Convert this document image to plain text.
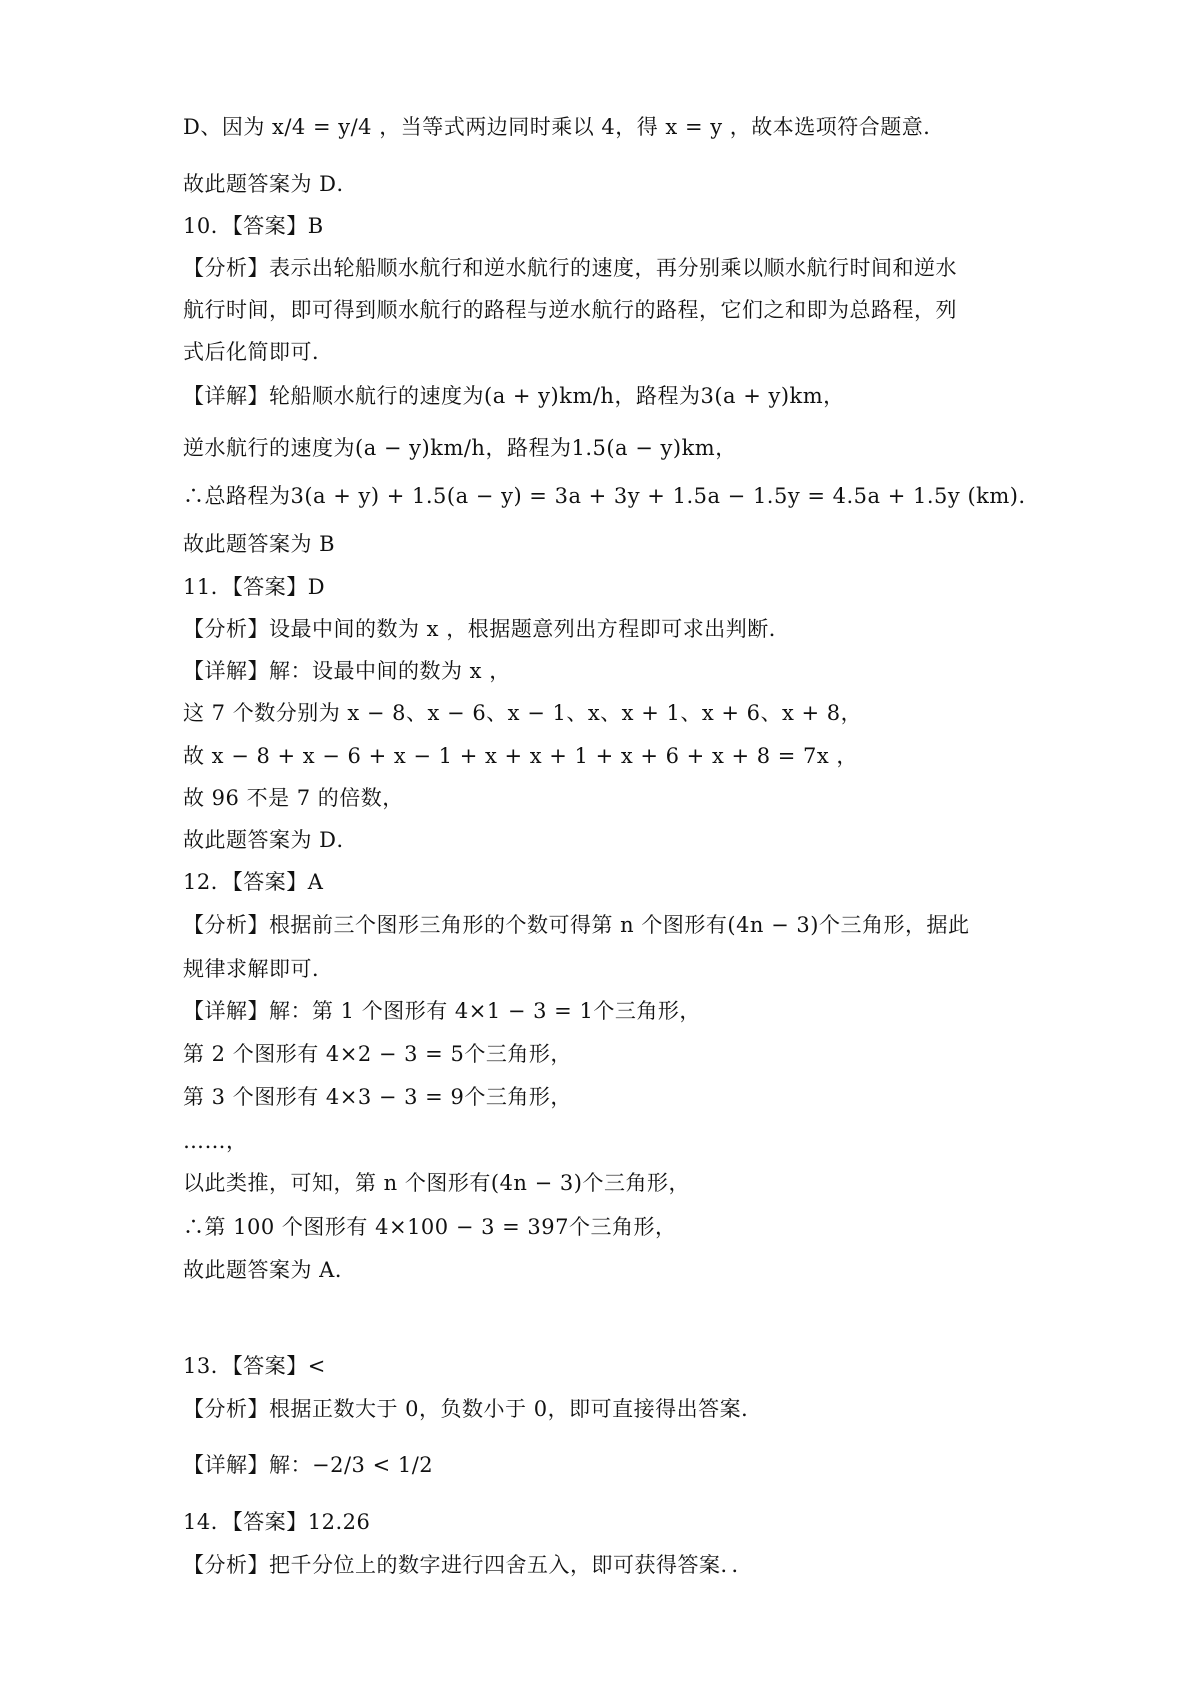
D、因为 x/4 = y/4 ，当等式两边同时乘以 4，得 x = y ，故本选项符合题意．
故此题答案为 D．
10．【答案】B
【分析】表示出轮船顺水航行和逆水航行的速度，再分别乘以顺水航行时间和逆水
航行时间，即可得到顺水航行的路程与逆水航行的路程，它们之和即为总路程，列
式后化简即可．
【详解】轮船顺水航行的速度为(a + y)km/h，路程为3(a + y)km，
逆水航行的速度为(a − y)km/h，路程为1.5(a − y)km，
∴总路程为3(a + y) + 1.5(a − y) = 3a + 3y + 1.5a − 1.5y = 4.5a + 1.5y (km)．
故此题答案为 B
11．【答案】D
【分析】设最中间的数为 x ，根据题意列出方程即可求出判断．
【详解】解：设最中间的数为 x ，
这 7 个数分别为 x − 8、x − 6、x − 1、x、x + 1、x + 6、x + 8，
故 x − 8 + x − 6 + x − 1 + x + x + 1 + x + 6 + x + 8 = 7x ，
故 96 不是 7 的倍数，
故此题答案为 D．
12．【答案】A
【分析】根据前三个图形三角形的个数可得第 n 个图形有(4n − 3)个三角形，据此
规律求解即可．
【详解】解：第 1 个图形有 4×1 − 3 = 1个三角形，
第 2 个图形有 4×2 − 3 = 5个三角形，
第 3 个图形有 4×3 − 3 = 9个三角形，
……，
以此类推，可知，第 n 个图形有(4n − 3)个三角形，
∴第 100 个图形有 4×100 − 3 = 397个三角形，
故此题答案为 A．
13．【答案】<
【分析】根据正数大于 0，负数小于 0，即可直接得出答案．
【详解】解：−2/3 < 1/2
14．【答案】12.26
【分析】把千分位上的数字进行四舍五入，即可获得答案．．
